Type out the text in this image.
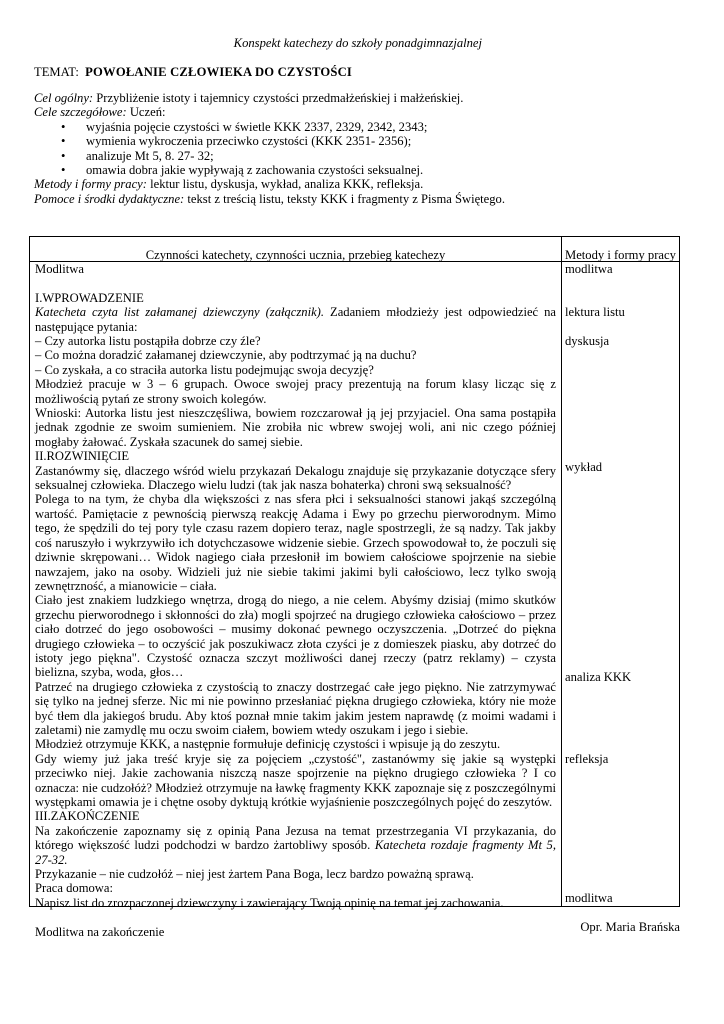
Konspekt katechezy do szkoły ponadgimnazjalnej
TEMAT: POWOŁANIE CZŁOWIEKA DO CZYSTOŚCI
Cel ogólny: Przybliżenie istoty i tajemnicy czystości przedmałżeńskiej i małżeńskiej.
Cele szczegółowe: Uczeń:
• wyjaśnia pojęcie czystości w świetle KKK 2337, 2329, 2342, 2343;
• wymienia wykroczenia przeciwko czystości (KKK 2351- 2356);
• analizuje Mt 5, 8. 27- 32;
• omawia dobra jakie wypływają z zachowania czystości seksualnej.
Metody i formy pracy: lektur listu, dyskusja, wykład, analiza KKK, refleksja.
Pomoce i środki dydaktyczne: tekst z treścią listu, teksty KKK i fragmenty z Pisma Świętego.
Czynności katechety, czynności ucznia, przebieg katechezy	Metody i formy pracy
modlitwa
lektura listu
dyskusja
wykład
analiza KKK
refleksja
modlitwa

Modlitwa

I.WPROWADZENIE

Katecheta czyta list załamanej dziewczyny (załącznik). Zadaniem młodzieży jest odpowiedzieć na następujące pytania:

– Czy autorka listu postąpiła dobrze czy źle?

– Co można doradzić załamanej dziewczynie, aby podtrzymać ją na duchu?

– Co zyskała, a co straciła autorka listu podejmując swoja decyzję?

Młodzież pracuje w 3 – 6 grupach. Owoce swojej pracy prezentują na forum klasy licząc się z możliwością pytań ze strony swoich kolegów.

Wnioski: Autorka listu jest nieszczęśliwa, bowiem rozczarował ją jej przyjaciel. Ona sama postąpiła jednak zgodnie ze swoim sumieniem. Nie zrobiła nic wbrew swojej woli, ani nic czego później mogłaby żałować. Zyskała szacunek do samej siebie.

II.ROZWINIĘCIE

Zastanówmy się, dlaczego wśród wielu przykazań Dekalogu znajduje się przykazanie dotyczące sfery seksualnej człowieka. Dlaczego wielu ludzi (tak jak nasza bohaterka) chroni swą seksualność?

Polega to na tym, że chyba dla większości z nas sfera płci i seksualności stanowi jakąś szczególną wartość. Pamiętacie z pewnością pierwszą reakcję Adama i Ewy po grzechu pierworodnym. Mimo tego, że spędzili do tej pory tyle czasu razem dopiero teraz, nagle spostrzegli, że są nadzy. Tak jakby coś naruszyło i wykrzywiło ich dotychczasowe widzenie siebie. Grzech spowodował to, że poczuli się dziwnie skrępowani… Widok nagiego ciała przesłonił im bowiem całościowe spojrzenie na siebie nawzajem, jako na osoby. Widzieli już nie siebie takimi jakimi byli całościowo, lecz tylko swoją zewnętrzność, a mianowicie – ciała.

Ciało jest znakiem ludzkiego wnętrza, drogą do niego, a nie celem. Abyśmy dzisiaj (mimo skutków grzechu pierworodnego i skłonności do zła) mogli spojrzeć na drugiego człowieka całościowo – przez ciało dotrzeć do jego osobowości – musimy dokonać pewnego oczyszczenia. „Dotrzeć do piękna drugiego człowieka – to oczyścić jak poszukiwacz złota czyści je z domieszek piasku, aby dotrzeć do istoty jego piękna". Czystość oznacza szczyt możliwości danej rzeczy (patrz reklamy) – czysta bielizna, szyba, woda, głos…

Patrzeć na drugiego człowieka z czystością to znaczy dostrzegać całe jego piękno. Nie zatrzymywać się tylko na jednej sferze. Nic mi nie powinno przesłaniać piękna drugiego człowieka, który nie może być tłem dla jakiegoś brudu. Aby ktoś poznał mnie takim jakim jestem naprawdę (z moimi wadami i zaletami) nie zamydlę mu oczu swoim ciałem, bowiem wtedy oszukam i jego i siebie.

Młodzież otrzymuje KKK, a następnie formułuje definicję czystości i wpisuje ją do zeszytu.

Gdy wiemy już jaka treść kryje się za pojęciem „czystość", zastanówmy się jakie są występki przeciwko niej. Jakie zachowania niszczą nasze spojrzenie na piękno drugiego człowieka ? I co oznacza: nie cudzołóż? Młodzież otrzymuje na ławkę fragmenty KKK zapoznaje się z poszczególnymi występkami omawia je i chętne osoby dyktują krótkie wyjaśnienie poszczególnych pojęć do zeszytów.

III.ZAKOŃCZENIE

Na zakończenie zapoznamy się z opinią Pana Jezusa na temat przestrzegania VI przykazania, do którego większość ludzi podchodzi w bardzo żartobliwy sposób. Katecheta rozdaje fragmenty Mt 5, 27-32.

Przykazanie – nie cudzołóż – niej jest żartem Pana Boga, lecz bardzo poważną sprawą.

Praca domowa:

Napisz list do zrozpaczonej dziewczyny i zawierający Twoją opinię na temat jej zachowania.

Modlitwa na zakończenie	Opr. Maria Brańska
